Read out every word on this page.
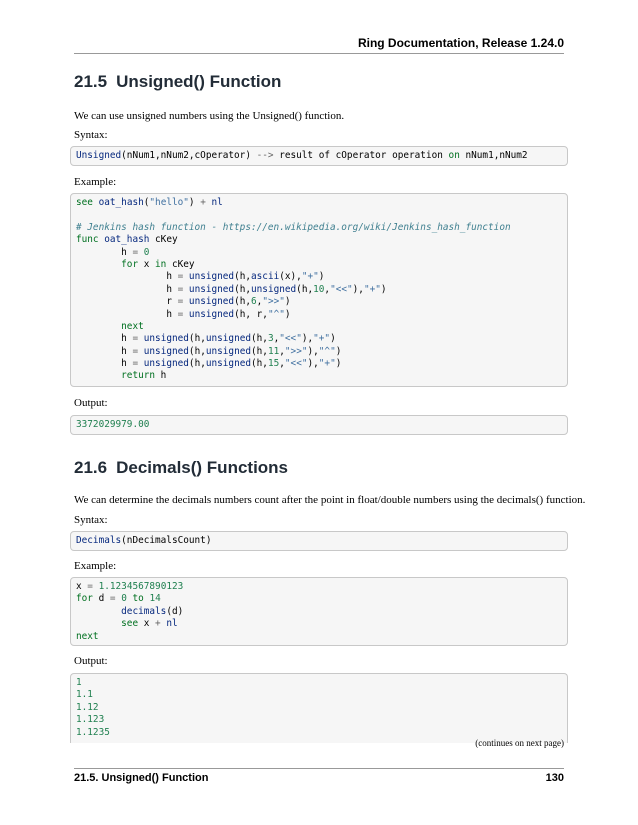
Ring Documentation, Release 1.24.0
21.5 Unsigned() Function

We can use unsigned numbers using the Unsigned() function.

Syntax:

Unsigned(nNum1,nNum2,cOperator) --> result of cOperator operation on nNum1,nNum2

Example:

see oat_hash("hello") + nl
# Jenkins hash function - https://en.wikipedia.org/wiki/Jenkins_hash_function
func oat_hash cKey
h = 0
for x in cKey
h = unsigned(h,ascii(x),"+")
h = unsigned(h,unsigned(h,10,"<<"),"+")
r = unsigned(h,6,">>")
h = unsigned(h, r,"^")
next
h = unsigned(h,unsigned(h,3,"<<"),"+")
h = unsigned(h,unsigned(h,11,">>"),"^")
h = unsigned(h,unsigned(h,15,"<<"),"+")
return h

Output:

3372029979.00
21.6 Decimals() Functions

We can determine the decimals numbers count after the point in float/double numbers using the decimals() function.

Syntax:

Decimals(nDecimalsCount)

Example:

x = 1.1234567890123
for d = 0 to 14
decimals(d)
see x + nl
next

Output:

1
1.1
1.12
1.123
1.1235
(continues on next page)
21.5. Unsigned() Function	130
